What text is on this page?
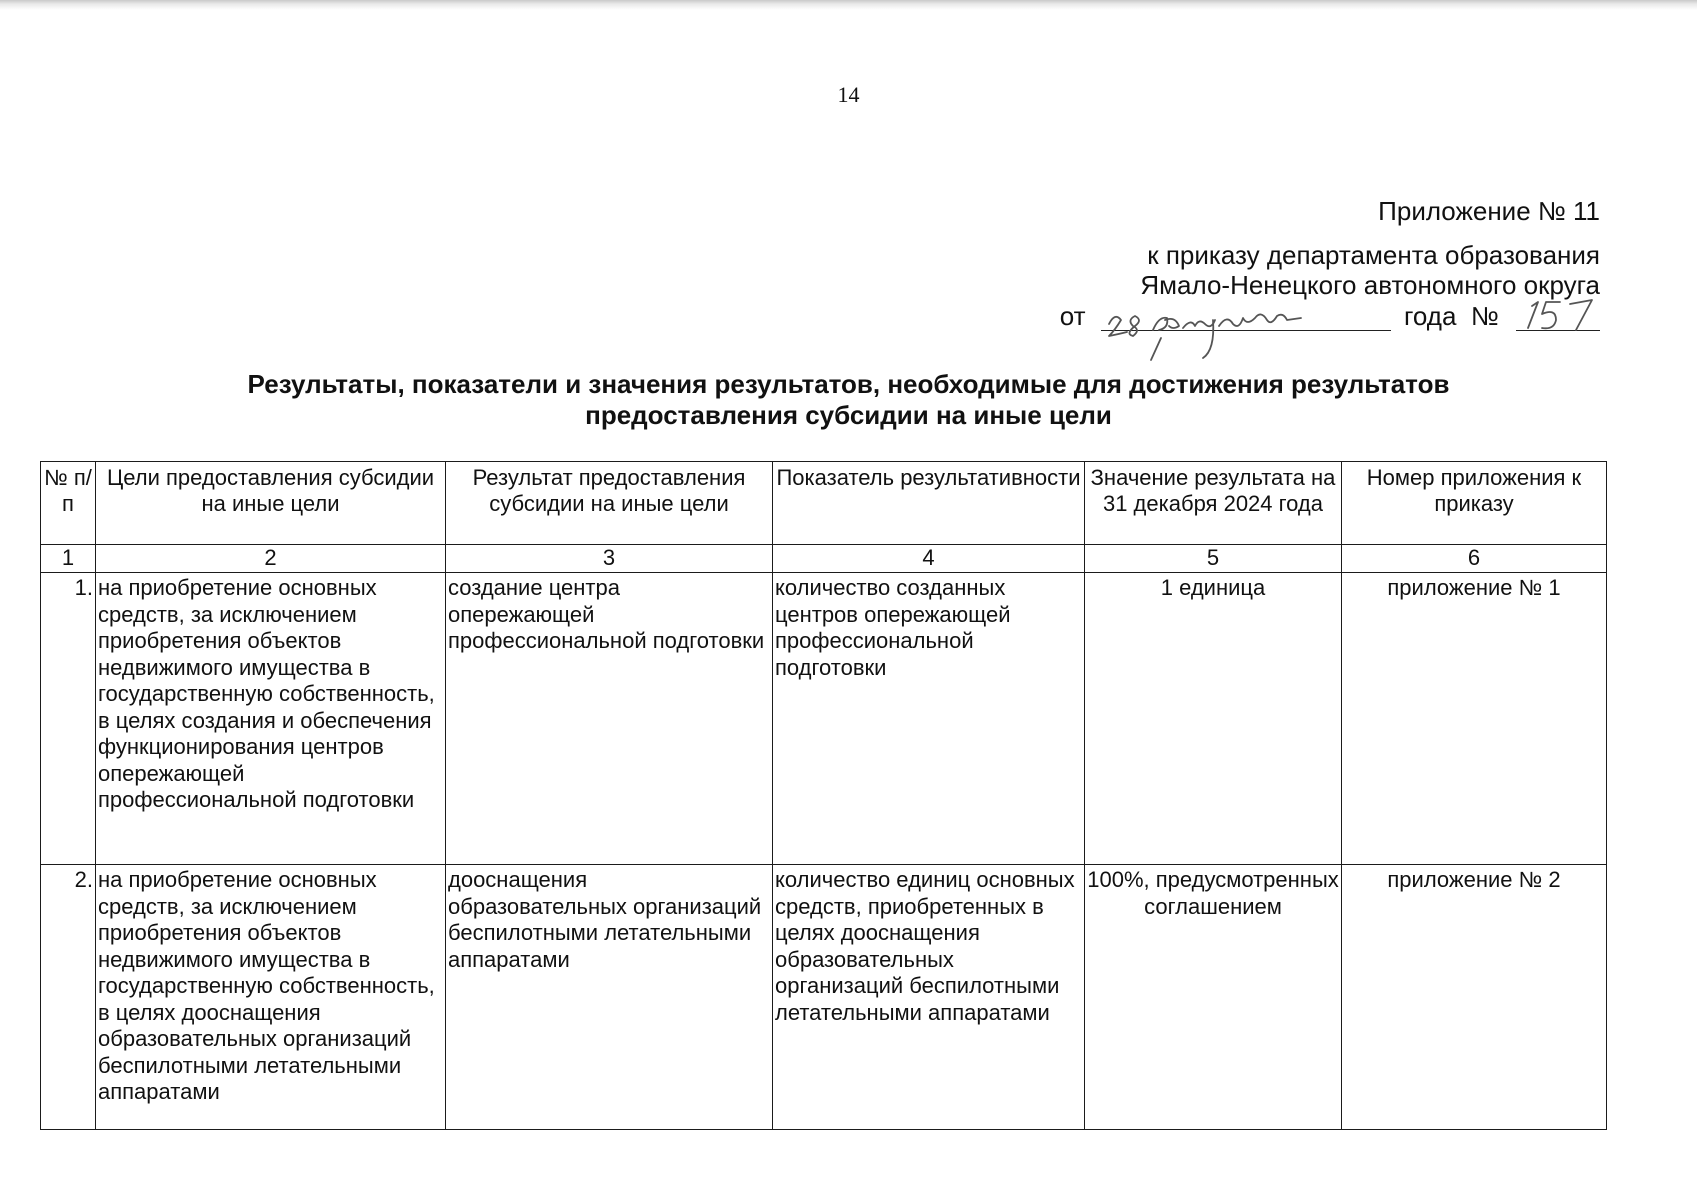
14
Приложение № 11
к приказу департамента образования
Ямало-Ненецкого автономного округа
от	года №
Результаты, показатели и значения результатов, необходимые для достижения результатов
предоставления субсидии на иные цели
№ п/п	Цели предоставления субсидии на иные цели	Результат предоставления субсидии на иные цели	Показатель результативности	Значение результата на 31 декабря 2024 года	Номер приложения к приказу
1	2	3	4	5	6
1.	на приобретение основных средств, за исключением приобретения объектов недвижимого имущества в государственную собственность, в целях создания и обеспечения функционирования центров опережающей профессиональной подготовки	создание центра опережающей профессиональной подготовки	количество созданных центров опережающей профессиональной подготовки	1 единица	приложение № 1
2.	на приобретение основных средств, за исключением приобретения объектов недвижимого имущества в государственную собственность, в целях дооснащения образовательных организаций беспилотными летательными аппаратами	дооснащения образовательных организаций беспилотными летательными аппаратами	количество единиц основных средств, приобретенных в целях дооснащения образовательных организаций беспилотными летательными аппаратами	100%, предусмотренных соглашением	приложение № 2
